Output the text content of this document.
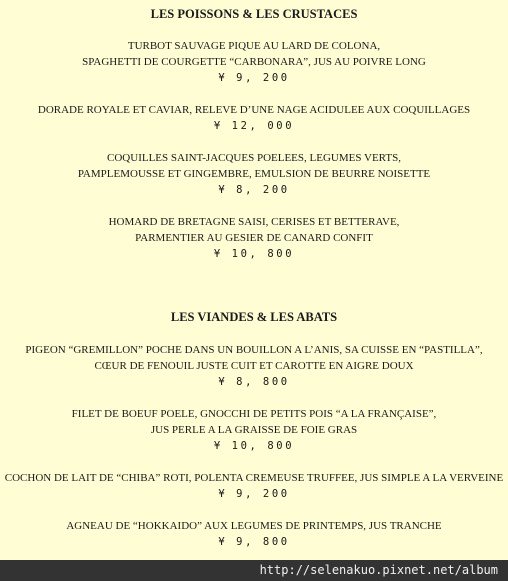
LES POISSONS & LES CRUSTACES
TURBOT SAUVAGE PIQUE AU LARD DE COLONA,
SPAGHETTI DE COURGETTE “CARBONARA”, JUS AU POIVRE LONG
¥ 9, 200
DORADE ROYALE ET CAVIAR, RELEVE D’UNE NAGE ACIDULEE AUX COQUILLAGES
¥ 12, 000
COQUILLES SAINT-JACQUES POELEES, LEGUMES VERTS,
PAMPLEMOUSSE ET GINGEMBRE, EMULSION DE BEURRE NOISETTE
¥ 8, 200
HOMARD DE BRETAGNE SAISI, CERISES ET BETTERAVE,
PARMENTIER AU GESIER DE CANARD CONFIT
¥ 10, 800
LES VIANDES & LES ABATS
PIGEON “GREMILLON” POCHE DANS UN BOUILLON A L’ANIS, SA CUISSE EN “PASTILLA”,
CŒUR DE FENOUIL JUSTE CUIT ET CAROTTE EN AIGRE DOUX
¥ 8, 800
FILET DE BOEUF POELE, GNOCCHI DE PETITS POIS “A LA FRANÇAISE”,
JUS PERLE A LA GRAISSE DE FOIE GRAS
¥ 10, 800
COCHON DE LAIT DE “CHIBA” ROTI, POLENTA CREMEUSE TRUFFEE, JUS SIMPLE A LA VERVEINE
¥ 9, 200
AGNEAU DE “HOKKAIDO” AUX LEGUMES DE PRINTEMPS, JUS TRANCHE
¥ 9, 800
http://selenakuo.pixnet.net/album
